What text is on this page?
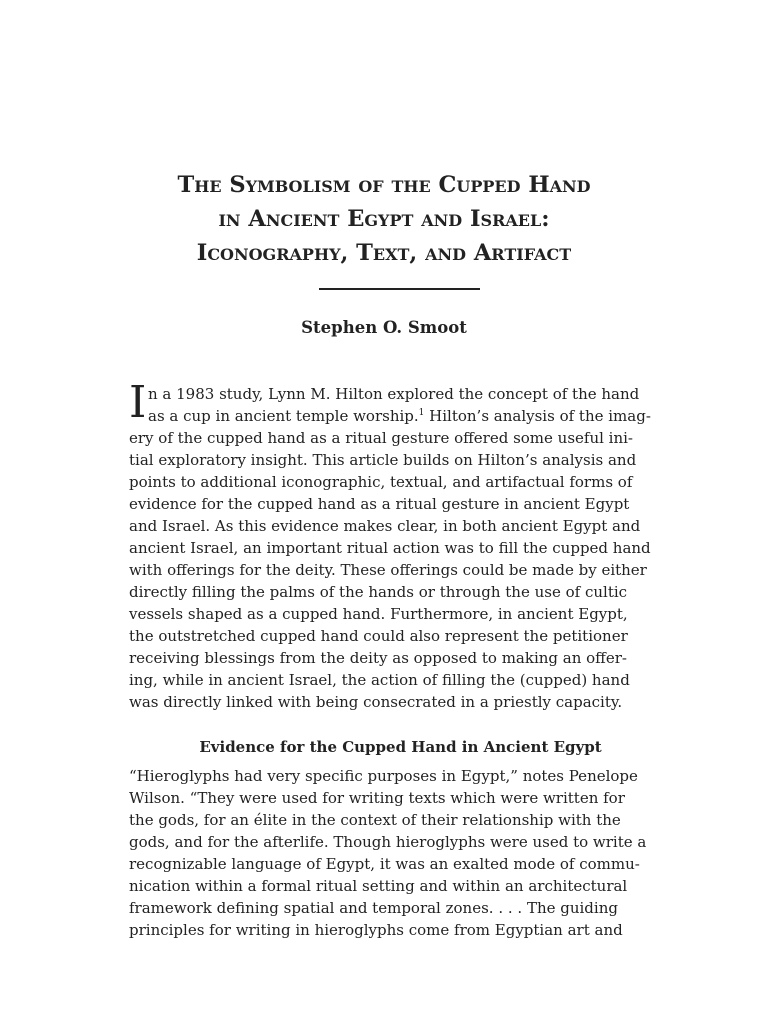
The Symbolism of the Cupped Hand
in Ancient Egypt and Israel:
Iconography, Text, and Artifact
Stephen O. Smoot
I n a 1983 study, Lynn M. Hilton explored the concept of the hand
as a cup in ancient temple worship.$^1$ Hilton’s analysis of the imag-
ery of the cupped hand as a ritual gesture offered some useful ini-
tial exploratory insight. This article builds on Hilton’s analysis and
points to additional iconographic, textual, and artifactual forms of
evidence for the cupped hand as a ritual gesture in ancient Egypt
and Israel. As this evidence makes clear, in both ancient Egypt and
ancient Israel, an important ritual action was to fill the cupped hand
with offerings for the deity. These offerings could be made by either
directly filling the palms of the hands or through the use of cultic
vessels shaped as a cupped hand. Furthermore, in ancient Egypt,
the outstretched cupped hand could also represent the petitioner
receiving blessings from the deity as opposed to making an offer-
ing, while in ancient Israel, the action of filling the (cupped) hand
was directly linked with being consecrated in a priestly capacity.
Evidence for the Cupped Hand in Ancient Egypt
“Hieroglyphs had very specific purposes in Egypt,” notes Penelope
Wilson. “They were used for writing texts which were written for
the gods, for an élite in the context of their relationship with the
gods, and for the afterlife. Though hieroglyphs were used to write a
recognizable language of Egypt, it was an exalted mode of commu-
nication within a formal ritual setting and within an architectural
framework defining spatial and temporal zones. . . . The guiding
principles for writing in hieroglyphs come from Egyptian art and
